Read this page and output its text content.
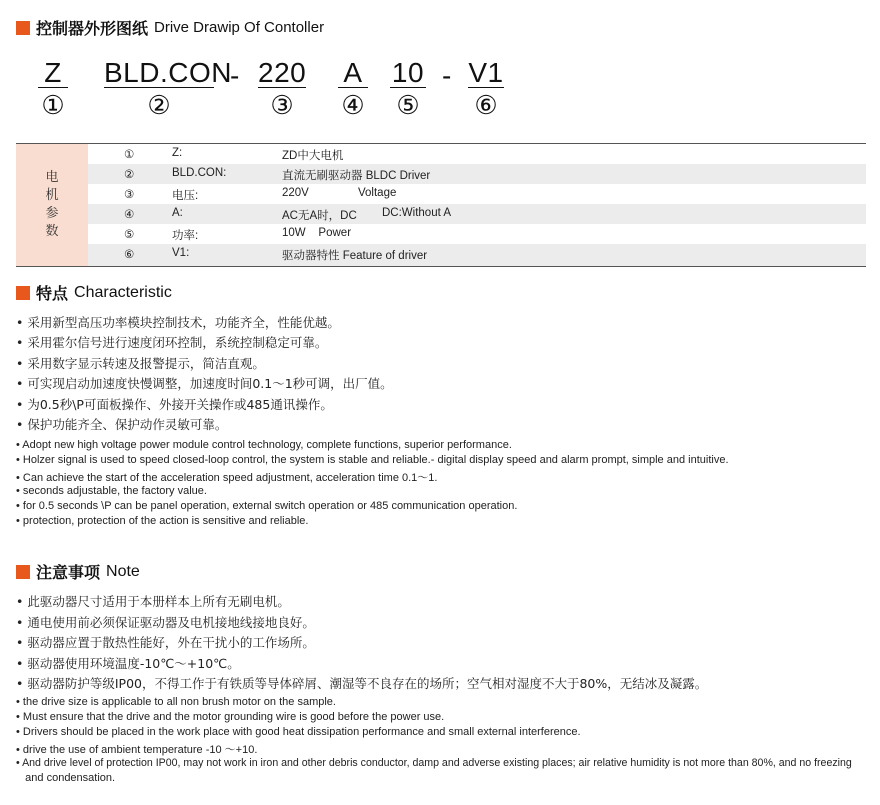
控制器外形图纸 Drive Drawip Of Contoller
Z
①
BLD.CON
②
220
③
A
④
10
⑤
V1
⑥
-	-
电
机
参
数
①	Z:	ZD中大电机
②	BLD.CON:	直流无刷驱动器 BLDC Driver
③	电压:	220V	Voltage
④	A:	AC无A时，DC DC:Without A
⑤	功率:	10W    Power
⑥	V1:	驱动器特性 Feature of driver
特点 Characteristic
• 采用新型高压功率模块控制技术，功能齐全，性能优越。
• 采用霍尔信号进行速度闭环控制，系统控制稳定可靠。
• 采用数字显示转速及报警提示，简洁直观。
• 可实现启动加速度快慢调整，加速度时间0.1～1秒可调，出厂值。
• 为0.5秒\P可面板操作、外接开关操作或485通讯操作。
• 保护功能齐全、保护动作灵敏可靠。
• Adopt new high voltage power module control technology, complete functions, superior performance.
• Holzer signal is used to speed closed-loop control, the system is stable and reliable.- digital display speed and alarm prompt, simple and intuitive.
• Can achieve the start of the acceleration speed adjustment, acceleration time 0.1～1.
• seconds adjustable, the factory value.
• for 0.5 seconds \P can be panel operation, external switch operation or 485 communication operation.
• protection, protection of the action is sensitive and reliable.
注意事项 Note
• 此驱动器尺寸适用于本册样本上所有无刷电机。
• 通电使用前必须保证驱动器及电机接地线接地良好。
• 驱动器应置于散热性能好，外在干扰小的工作场所。
• 驱动器使用环境温度-10℃～+10℃。
• 驱动器防护等级IP00，不得工作于有铁质等导体碎屑、潮湿等不良存在的场所；空气相对湿度不大于80%，无结冰及凝露。
• the drive size is applicable to all non brush motor on the sample.
• Must ensure that the drive and the motor grounding wire is good before the power use.
• Drivers should be placed in the work place with good heat dissipation performance and small external interference.
• drive the use of ambient temperature -10 ～+10.
• And drive level of protection IP00, may not work in iron and other debris conductor, damp and adverse existing places; air relative humidity is not more than 80%, and no freezing
and condensation.
